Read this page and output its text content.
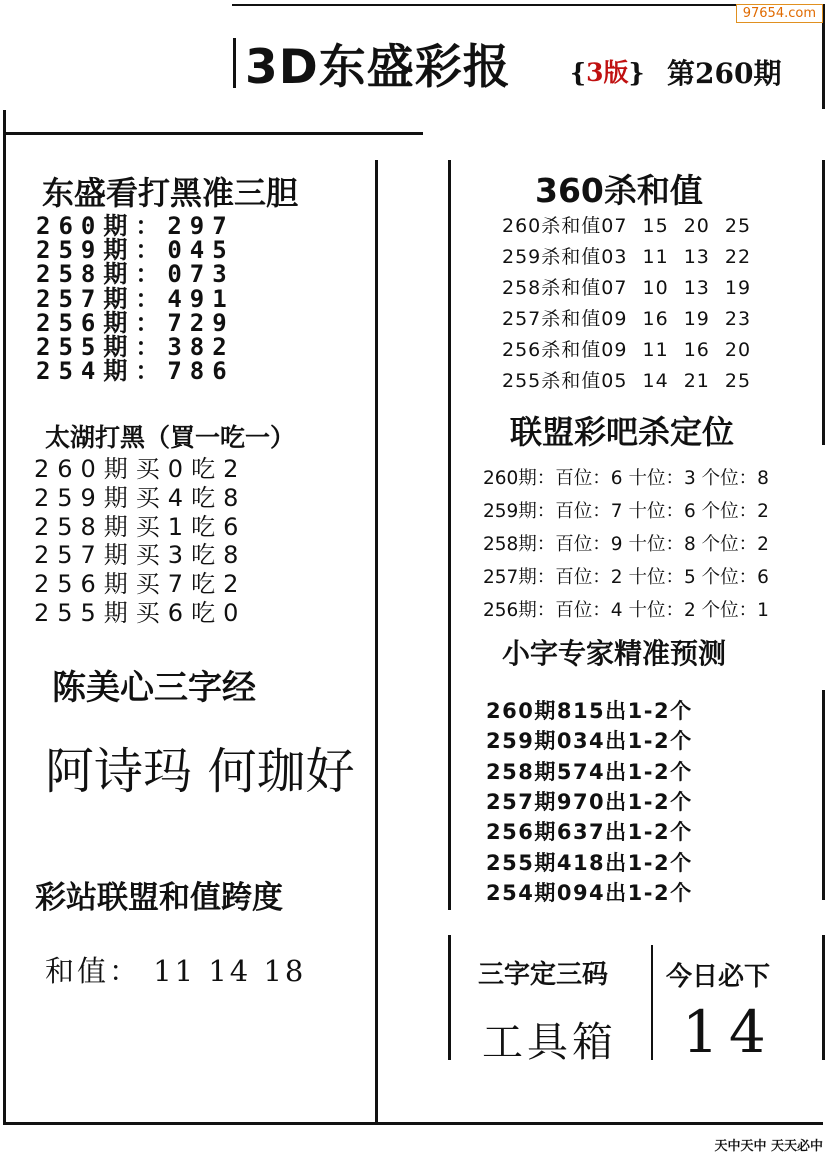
97654.com
3D东盛彩报 {3版} 第260期
东盛看打黑准三胆
260期：297
259期：045
258期：073
257期：491
256期：729
255期：382
254期：786
太湖打黑（買一吃一）
260期买0吃2
259期买4吃8
258期买1吃6
257期买3吃8
256期买7吃2
255期买6吃0
陈美心三字经
阿诗玛 何珈好
彩站联盟和值跨度
和值： 11 14 18
360杀和值
260杀和值07 15 20 25
259杀和值03 11 13 22
258杀和值07 10 13 19
257杀和值09 16 19 23
256杀和值09 11 16 20
255杀和值05 14 21 25
联盟彩吧杀定位
260期：百位：6 十位：3 个位：8
259期：百位：7 十位：6 个位：2
258期：百位：9 十位：8 个位：2
257期：百位：2 十位：5 个位：6
256期：百位：4 十位：2 个位：1
小字专家精准预测
260期815出1-2个
259期034出1-2个
258期574出1-2个
257期970出1-2个
256期637出1-2个
255期418出1-2个
254期094出1-2个
三字定三码
工具箱
今日必下
14
天中天中 天天必中
